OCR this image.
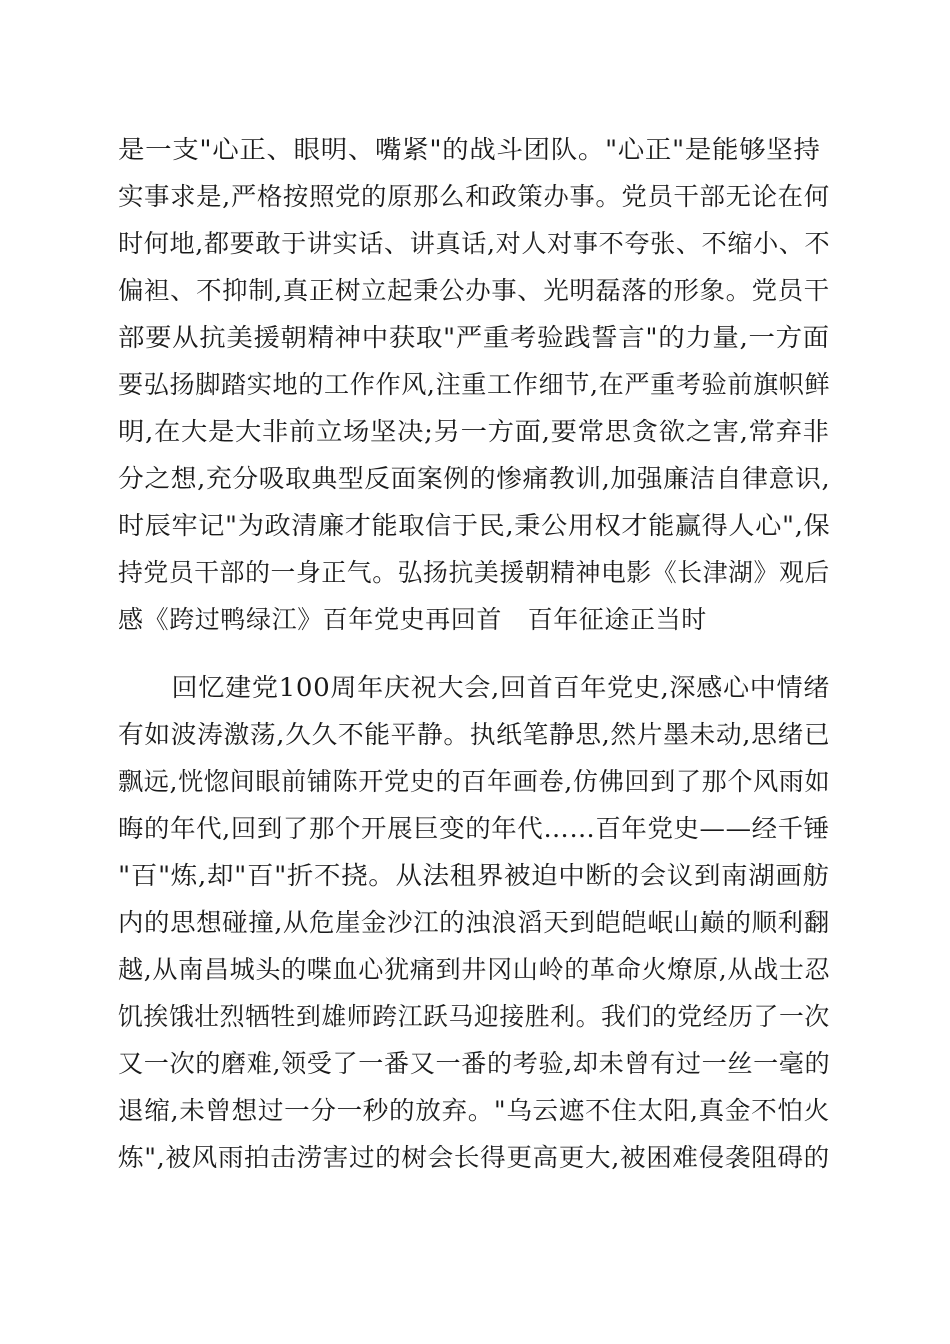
是一支"心正、眼明、嘴紧"的战斗团队。"心正"是能够坚持
实事求是,严格按照党的原那么和政策办事。党员干部无论在何
时何地,都要敢于讲实话、讲真话,对人对事不夸张、不缩小、不
偏袒、不抑制,真正树立起秉公办事、光明磊落的形象。党员干
部要从抗美援朝精神中获取"严重考验践誓言"的力量,一方面
要弘扬脚踏实地的工作作风,注重工作细节,在严重考验前旗帜鲜
明,在大是大非前立场坚决;另一方面,要常思贪欲之害,常弃非
分之想,充分吸取典型反面案例的惨痛教训,加强廉洁自律意识,
时辰牢记"为政清廉才能取信于民,秉公用权才能赢得人心",保
持党员干部的一身正气。弘扬抗美援朝精神电影《长津湖》观后
感《跨过鸭绿江》百年党史再回首　百年征途正当时
　　回忆建党100周年庆祝大会,回首百年党史,深感心中情绪
有如波涛激荡,久久不能平静。执纸笔静思,然片墨未动,思绪已
飘远,恍惚间眼前铺陈开党史的百年画卷,仿佛回到了那个风雨如
晦的年代,回到了那个开展巨变的年代……百年党史——经千锤
"百"炼,却"百"折不挠。从法租界被迫中断的会议到南湖画舫
内的思想碰撞,从危崖金沙江的浊浪滔天到皑皑岷山巅的顺利翻
越,从南昌城头的喋血心犹痛到井冈山岭的革命火燎原,从战士忍
饥挨饿壮烈牺牲到雄师跨江跃马迎接胜利。我们的党经历了一次
又一次的磨难,领受了一番又一番的考验,却未曾有过一丝一毫的
退缩,未曾想过一分一秒的放弃。"乌云遮不住太阳,真金不怕火
炼",被风雨拍击涝害过的树会长得更高更大,被困难侵袭阻碍的
